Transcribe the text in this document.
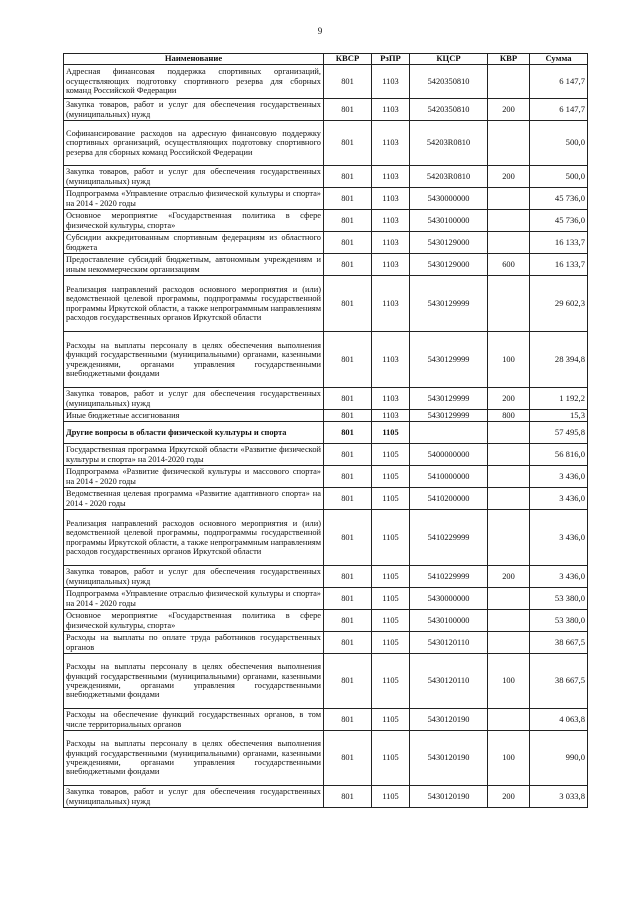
9
Наименование	КВСР	РзПР	КЦСР	КВР	Сумма
Адресная финансовая поддержка спортивных организаций, осуществляющих подготовку спортивного резерва для сборных команд Российской Федерации	801	1103	5420350810		6 147,7
Закупка товаров, работ и услуг для обеспечения государственных (муниципальных) нужд	801	1103	5420350810	200	6 147,7
Софинансирование расходов на адресную финансовую поддержку спортивных организаций, осуществляющих подготовку спортивного резерва для сборных команд Российской Федерации	801	1103	54203R0810		500,0
Закупка товаров, работ и услуг для обеспечения государственных (муниципальных) нужд	801	1103	54203R0810	200	500,0
Подпрограмма «Управление отраслью физической культуры и спорта» на 2014 - 2020 годы	801	1103	5430000000		45 736,0
Основное мероприятие «Государственная политика в сфере физической культуры, спорта»	801	1103	5430100000		45 736,0
Субсидии аккредитованным спортивным федерациям из областного бюджета	801	1103	5430129000		16 133,7
Предоставление субсидий бюджетным, автономным учреждениям и иным некоммерческим организациям	801	1103	5430129000	600	16 133,7
Реализация направлений расходов основного мероприятия и (или) ведомственной целевой программы, подпрограммы государственной программы Иркутской области, а также непрограммным направлениям расходов государственных органов Иркутской области	801	1103	5430129999		29 602,3
Расходы на выплаты персоналу в целях обеспечения выполнения функций государственными (муниципальными) органами, казенными учреждениями, органами управления государственными внебюджетными фондами	801	1103	5430129999	100	28 394,8
Закупка товаров, работ и услуг для обеспечения государственных (муниципальных) нужд	801	1103	5430129999	200	1 192,2
Иные бюджетные ассигнования	801	1103	5430129999	800	15,3
Другие вопросы в области физической культуры и спорта	801	1105			57 495,8
Государственная программа Иркутской области «Развитие физической культуры и спорта» на 2014-2020 годы	801	1105	5400000000		56 816,0
Подпрограмма «Развитие физической культуры и массового спорта» на 2014 - 2020 годы	801	1105	5410000000		3 436,0
Ведомственная целевая программа «Развитие адаптивного спорта» на 2014 - 2020 годы	801	1105	5410200000		3 436,0
Реализация направлений расходов основного мероприятия и (или) ведомственной целевой программы, подпрограммы государственной программы Иркутской области, а также непрограммным направлениям расходов государственных органов Иркутской области	801	1105	5410229999		3 436,0
Закупка товаров, работ и услуг для обеспечения государственных (муниципальных) нужд	801	1105	5410229999	200	3 436,0
Подпрограмма «Управление отраслью физической культуры и спорта» на 2014 - 2020 годы	801	1105	5430000000		53 380,0
Основное мероприятие «Государственная политика в сфере физической культуры, спорта»	801	1105	5430100000		53 380,0
Расходы на выплаты по оплате труда работников государственных органов	801	1105	5430120110		38 667,5
Расходы на выплаты персоналу в целях обеспечения выполнения функций государственными (муниципальными) органами, казенными учреждениями, органами управления государственными внебюджетными фондами	801	1105	5430120110	100	38 667,5
Расходы на обеспечение функций государственных органов, в том числе территориальных органов	801	1105	5430120190		4 063,8
Расходы на выплаты персоналу в целях обеспечения выполнения функций государственными (муниципальными) органами, казенными учреждениями, органами управления государственными внебюджетными фондами	801	1105	5430120190	100	990,0
Закупка товаров, работ и услуг для обеспечения государственных (муниципальных) нужд	801	1105	5430120190	200	3 033,8
